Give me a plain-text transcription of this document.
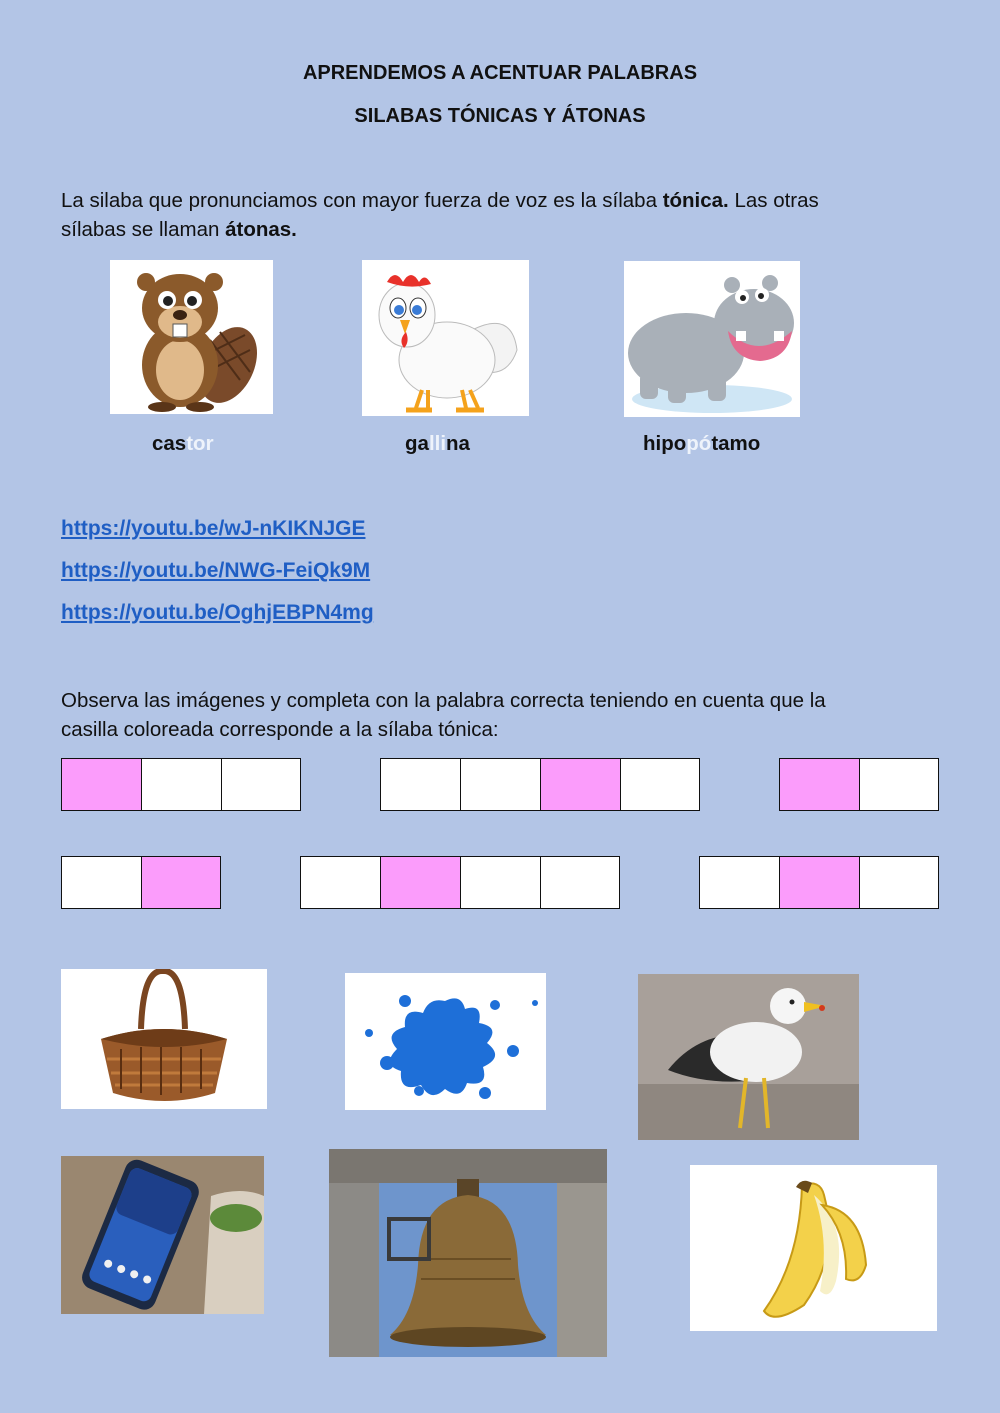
APRENDEMOS A ACENTUAR PALABRAS
SILABAS TÓNICAS Y ÁTONAS
La silaba que pronunciamos con mayor fuerza de voz es la sílaba tónica. Las otras
sílabas se llaman átonas.
castor	gallina	hipopótamo
https://youtu.be/wJ-nKIKNJGE
https://youtu.be/NWG-FeiQk9M
https://youtu.be/OghjEBPN4mg
Observa las imágenes y completa con la palabra correcta teniendo en cuenta que la
casilla coloreada corresponde a la sílaba tónica:
